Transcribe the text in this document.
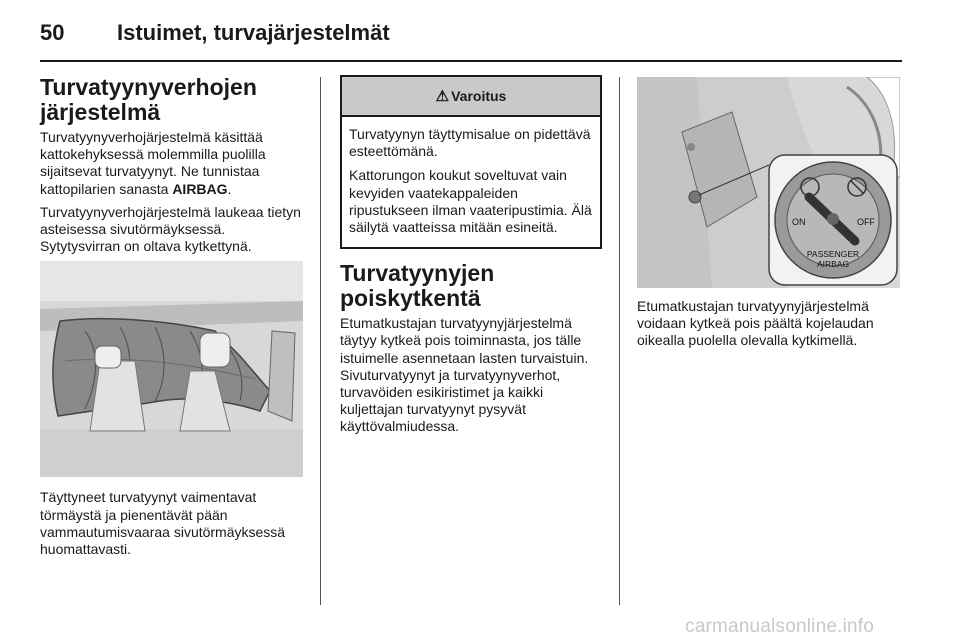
50 Istuimet, turvajärjestelmät
Turvatyynyverhojen
järjestelmä

Turvatyynyverhojärjestelmä käsittää kattokehyksessä molemmilla puolilla sijaitsevat turvatyynyt. Ne tunnistaa kattopilarien sanasta AIRBAG.

Turvatyynyverhojärjestelmä laukeaa tietyn asteisessa sivutörmäyksessä. Sytytysvirran on oltava kytkettynä.

Täyttyneet turvatyynyt vaimentavat törmäystä ja pienentävät pään vammautumisvaaraa sivutörmäyksessä huomattavasti.

⚠ Varoitus

Turvatyynyn täyttymisalue on pidettävä esteettömänä.

Kattorungon koukut soveltuvat vain kevyiden vaatekappaleiden ripustukseen ilman vaateripustimia. Älä säilytä vaatteissa mitään esineitä.

Turvatyynyjen
poiskytkentä

Etumatkustajan turvatyynyjärjestelmä täytyy kytkeä pois toiminnasta, jos tälle istuimelle asennetaan lasten turvaistuin. Sivuturvatyynyt ja turvatyynyverhot, turvavöiden esikiristimet ja kaikki kuljettajan turvatyynyt pysyvät käyttövalmiudessa.

ON	OFF
PASSENGER
AIRBAG

Etumatkustajan turvatyynyjärjestelmä voidaan kytkeä pois päältä kojelaudan oikealla puolella olevalla kytkimellä.

carmanualsonline.info
